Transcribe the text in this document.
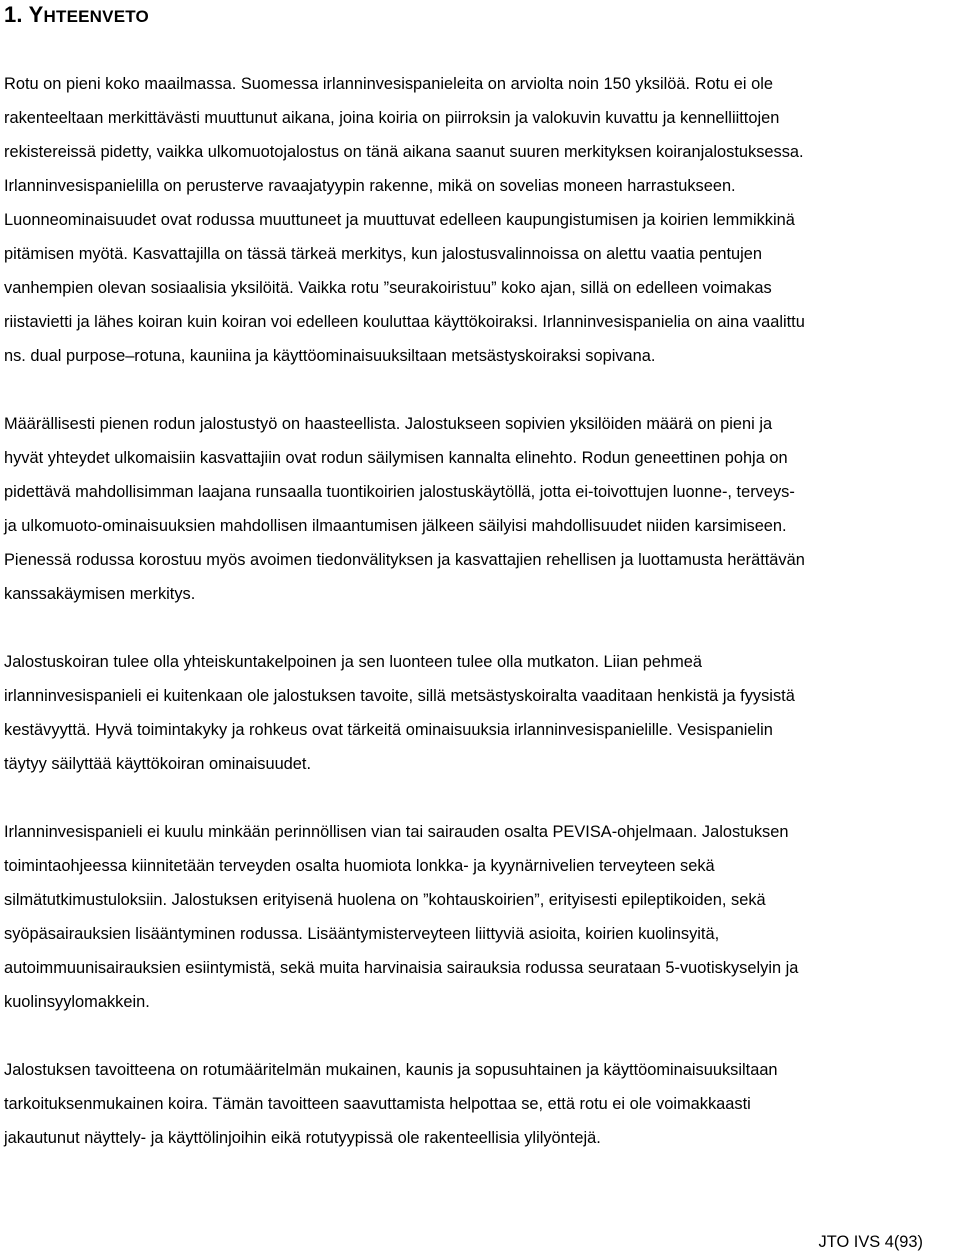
1. YHTEENVETO

Rotu on pieni koko maailmassa. Suomessa irlanninvesispanieleita on arviolta noin 150 yksilöä. Rotu ei ole
rakenteeltaan merkittävästi muuttunut aikana, joina koiria on piirroksin ja valokuvin kuvattu ja kennelliittojen
rekistereissä pidetty, vaikka ulkomuotojalostus on tänä aikana saanut suuren merkityksen koiranjalostuksessa.
Irlanninvesispanielilla on perusterve ravaajatyypin rakenne, mikä on sovelias moneen harrastukseen.
Luonneominaisuudet ovat rodussa muuttuneet ja muuttuvat edelleen kaupungistumisen ja koirien lemmikkinä
pitämisen myötä. Kasvattajilla on tässä tärkeä merkitys, kun jalostusvalinnoissa on alettu vaatia pentujen
vanhempien olevan sosiaalisia yksilöitä. Vaikka rotu ”seurakoiristuu” koko ajan, sillä on edelleen voimakas
riistavietti ja lähes koiran kuin koiran voi edelleen kouluttaa käyttökoiraksi. Irlanninvesispanielia on aina vaalittu
ns. dual purpose–rotuna, kauniina ja käyttöominaisuuksiltaan metsästyskoiraksi sopivana.

Määrällisesti pienen rodun jalostustyö on haasteellista. Jalostukseen sopivien yksilöiden määrä on pieni ja
hyvät yhteydet ulkomaisiin kasvattajiin ovat rodun säilymisen kannalta elinehto. Rodun geneettinen pohja on
pidettävä mahdollisimman laajana runsaalla tuontikoirien jalostuskäytöllä, jotta ei-toivottujen luonne-, terveys-
ja ulkomuoto-ominaisuuksien mahdollisen ilmaantumisen jälkeen säilyisi mahdollisuudet niiden karsimiseen.
Pienessä rodussa korostuu myös avoimen tiedonvälityksen ja kasvattajien rehellisen ja luottamusta herättävän
kanssakäymisen merkitys.

Jalostuskoiran tulee olla yhteiskuntakelpoinen ja sen luonteen tulee olla mutkaton. Liian pehmeä
irlanninvesispanieli ei kuitenkaan ole jalostuksen tavoite, sillä metsästyskoiralta vaaditaan henkistä ja fyysistä
kestävyyttä. Hyvä toimintakyky ja rohkeus ovat tärkeitä ominaisuuksia irlanninvesispanielille. Vesispanielin
täytyy säilyttää käyttökoiran ominaisuudet.

Irlanninvesispanieli ei kuulu minkään perinnöllisen vian tai sairauden osalta PEVISA-ohjelmaan. Jalostuksen
toimintaohjeessa kiinnitetään terveyden osalta huomiota lonkka- ja kyynärnivelien terveyteen sekä
silmätutkimustuloksiin. Jalostuksen erityisenä huolena on ”kohtauskoirien”, erityisesti epileptikoiden, sekä
syöpäsairauksien lisääntyminen rodussa. Lisääntymisterveyteen liittyviä asioita, koirien kuolinsyitä,
autoimmuunisairauksien esiintymistä, sekä muita harvinaisia sairauksia rodussa seurataan 5-vuotiskyselyin ja
kuolinsyylomakkein.

Jalostuksen tavoitteena on rotumääritelmän mukainen, kaunis ja sopusuhtainen ja käyttöominaisuuksiltaan
tarkoituksenmukainen koira. Tämän tavoitteen saavuttamista helpottaa se, että rotu ei ole voimakkaasti
jakautunut näyttely- ja käyttölinjoihin eikä rotutyypissä ole rakenteellisia ylilyöntejä.

JTO IVS 4(93)
